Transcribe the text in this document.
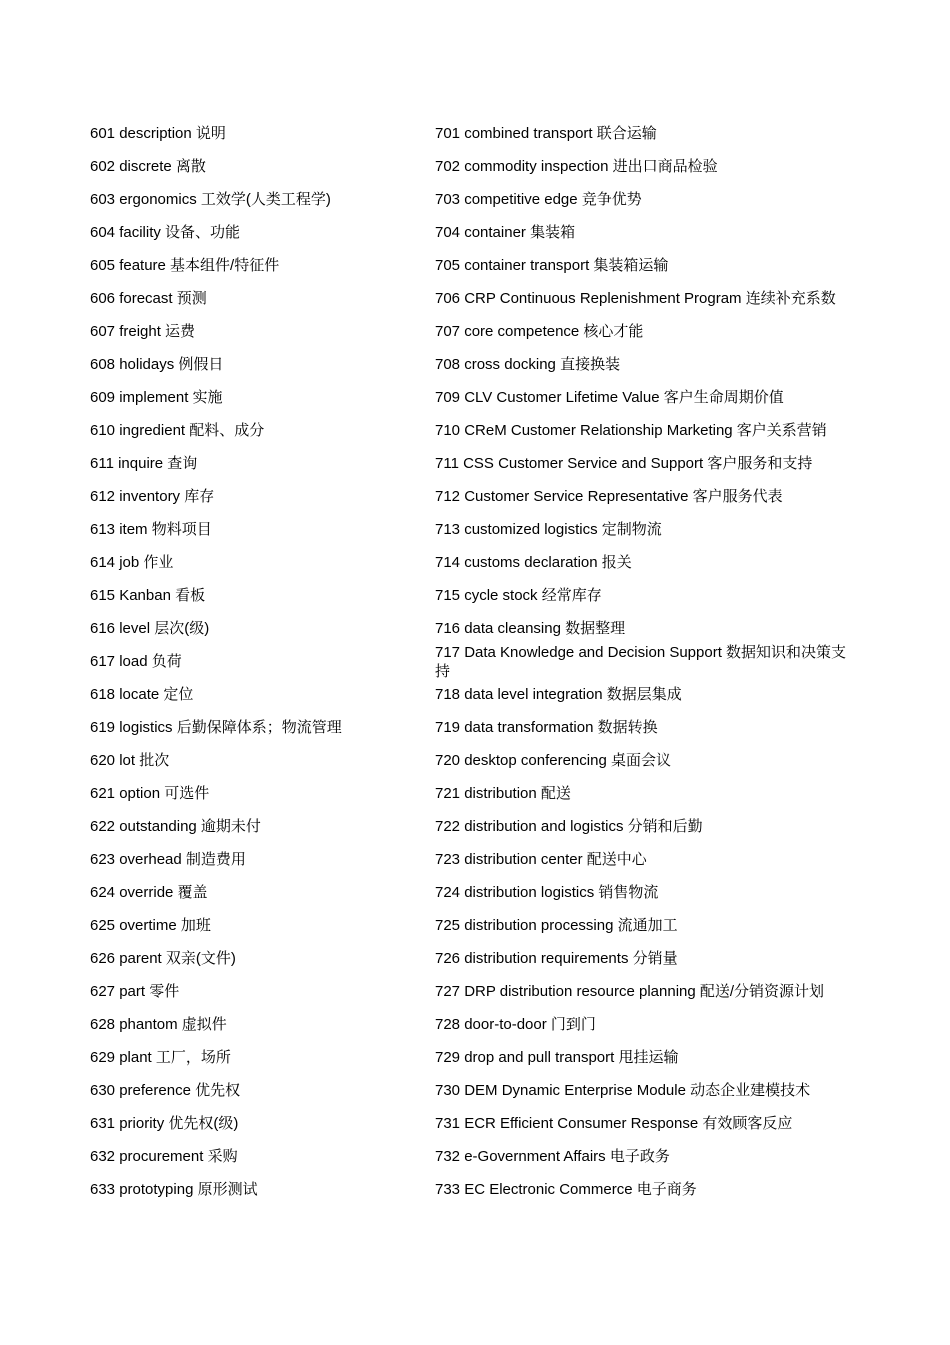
601 description 说明
602 discrete 离散
603 ergonomics 工效学(人类工程学)
604 facility 设备、功能
605 feature 基本组件/特征件
606 forecast 预测
607 freight 运费
608 holidays 例假日
609 implement 实施
610 ingredient 配料、成分
611 inquire 查询
612 inventory 库存
613 item 物料项目
614 job 作业
615 Kanban 看板
616 level 层次(级)
617 load 负荷
618 locate 定位
619 logistics 后勤保障体系；物流管理
620 lot 批次
621 option 可选件
622 outstanding 逾期未付
623 overhead 制造费用
624 override 覆盖
625 overtime 加班
626 parent 双亲(文件)
627 part 零件
628 phantom 虚拟件
629 plant 工厂，场所
630 preference 优先权
631 priority 优先权(级)
632 procurement 采购
633 prototyping 原形测试
701 combined transport 联合运输
702 commodity inspection 进出口商品检验
703 competitive edge 竞争优势
704 container 集装箱
705 container transport 集装箱运输
706 CRP Continuous Replenishment Program 连续补充系数
707 core competence 核心才能
708 cross docking 直接换装
709 CLV Customer Lifetime Value 客户生命周期价值
710 CReM Customer Relationship Marketing 客户关系营销
711 CSS Customer Service and Support 客户服务和支持
712 Customer Service Representative 客户服务代表
713 customized logistics 定制物流
714 customs declaration 报关
715 cycle stock 经常库存
716 data cleansing 数据整理
717 Data Knowledge and Decision Support 数据知识和决策支持
718 data level integration 数据层集成
719 data transformation 数据转换
720 desktop conferencing 桌面会议
721 distribution 配送
722 distribution and logistics 分销和后勤
723 distribution center 配送中心
724 distribution logistics 销售物流
725 distribution processing 流通加工
726 distribution requirements 分销量
727 DRP distribution resource planning 配送/分销资源计划
728 door-to-door 门到门
729 drop and pull transport 甩挂运输
730 DEM Dynamic Enterprise Module 动态企业建模技术
731 ECR Efficient Consumer Response 有效顾客反应
732 e-Government Affairs 电子政务
733 EC Electronic Commerce 电子商务
